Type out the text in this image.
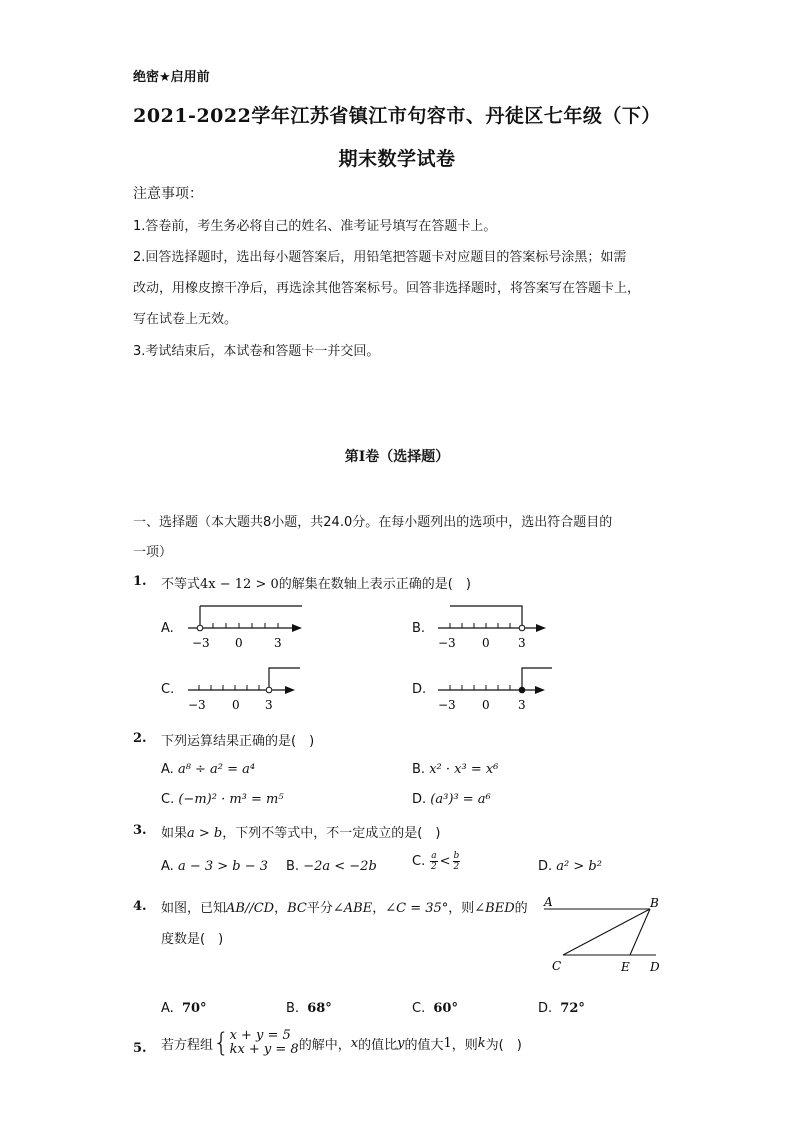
绝密★启用前
2021-2022学年江苏省镇江市句容市、丹徒区七年级（下）
期末数学试卷
注意事项：
1.答卷前，考生务必将自己的姓名、准考证号填写在答题卡上。
2.回答选择题时，选出每小题答案后，用铅笔把答题卡对应题目的答案标号涂黑；如需
改动，用橡皮擦干净后，再选涂其他答案标号。回答非选择题时，将答案写在答题卡上，
写在试卷上无效。
3.考试结束后，本试卷和答题卡一并交回。
第I卷（选择题）
一、选择题（本大题共8小题，共24.0分。在每小题列出的选项中，选出符合题目的
一项）
1. 不等式4x − 12 > 0的解集在数轴上表示正确的是(　)
A.
−3 0	3
B.
−3 0 3
C.
−3 0 3
D.
−3 0 3
2. 下列运算结果正确的是(　)
A. a⁸ ÷ a² = a⁴	B. x² · x³ = x⁶
C. (−m)² · m³ = m⁵	D. (a³)³ = a⁶
3. 如果a > b，下列不等式中，不一定成立的是(　)
A. a − 3 > b − 3 B. −2a < −2b	C. a
2 < b
2	D. a² > b²
4. 如图，已知AB//CD，BC平分∠ABE，∠C = 35°，则∠BED的
度数是(　)
A	B
C	E D
A. 70°	B. 68°	C. 60°	D. 72°
5. 若方程组 { x + y = 5
kx + y = 8 的解中， x 的值比 y 的值大 1 ，则 k 为(　)
